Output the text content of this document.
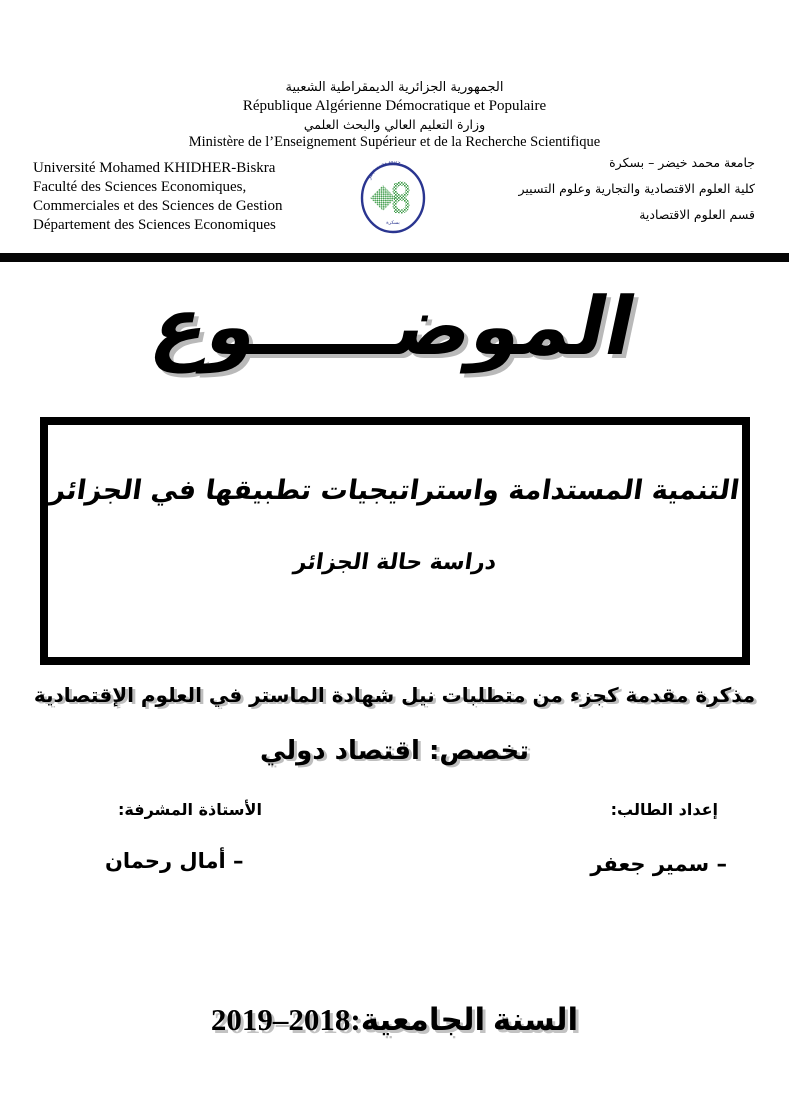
الجمهورية الجزائرية الديمقراطية الشعبية
République Algérienne Démocratique et Populaire
وزارة التعليم العالي والبحث العلمي
Ministère de l’Enseignement Supérieur et de la Recherche Scientifique
Université Mohamed KHIDHER-Biskra
Faculté des Sciences Economiques,
Commerciales et des Sciences de Gestion
Département des Sciences Economiques
جامعة محمد خيضر
بسكرة
جامعة محمد خيضر – بسكرة
كلية العلوم الاقتصادية والتجارية وعلوم التسيير
قسم العلوم الاقتصادية
الموضـــــوع
التنمية المستدامة واستراتيجيات تطبيقها في الجزائر
دراسة حالة الجزائر
مذكرة مقدمة كجزء من متطلبات نيل شهادة الماستر في العلوم الإقتصادية
تخصص: اقتصاد دولي
إعداد الطالب:
الأستاذة المشرفة:
– سمير جعفر
– أمال رحمان
السنة الجامعية:2018–2019
